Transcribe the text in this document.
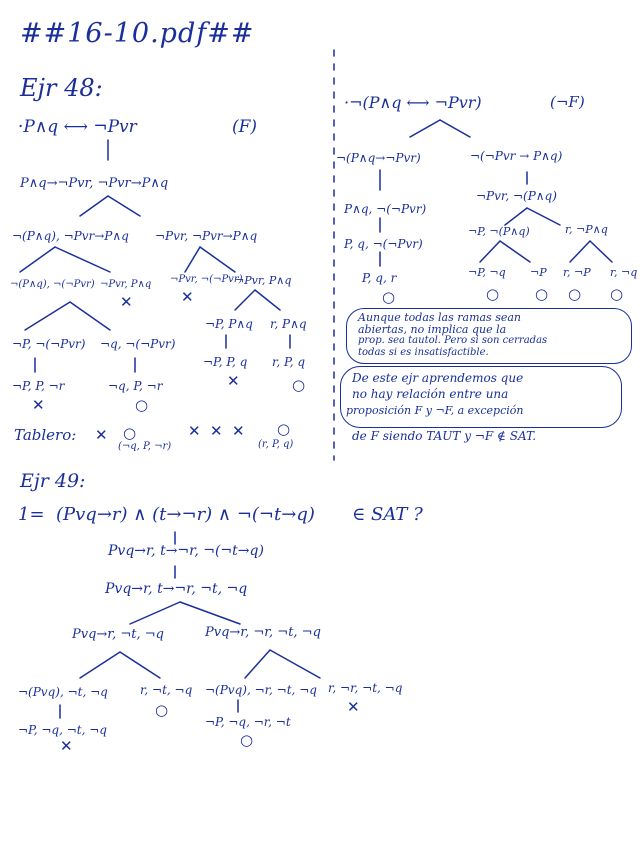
##16-10.pdf##
Ejr 48:
·P∧q ⟷ ¬Pvr	(F)
P∧q→¬Pvr, ¬Pvr→P∧q
¬(P∧q), ¬Pvr→P∧q ¬Pvr, ¬Pvr→P∧q
¬(P∧q), ¬(¬Pvr) ¬Pvr, P∧q ¬Pvr, ¬(¬Pvr)
¬Pvr, P∧q
✕	✕
¬P, ¬(¬Pvr) ¬q, ¬(¬Pvr)
¬P, P∧q r, P∧q
¬P, P, ¬r	¬q, P, ¬r
¬P, P, q r, P, q
✕	○
✕	○
Tablero: ✕ ○
(¬q, P, ¬r)
✕ ✕ ✕ ○
(r, P, q)
·¬(P∧q ⟷ ¬Pvr)	(¬F)
¬(P∧q→¬Pvr)
P∧q, ¬(¬Pvr)
P, q, ¬(¬Pvr)
P, q, r
○
¬(¬Pvr → P∧q)
¬Pvr, ¬(P∧q)
¬P, ¬(P∧q)	r, ¬P∧q
¬P, ¬q ¬P r, ¬P r, ¬q
○ ○ ○ ○
Aunque todas las ramas sean
abiertas, no implica que la
prop. sea tautol. Pero si son cerradas
todas si es insatisfactible.
De este ejr aprendemos que
no hay relación entre una
proposición F y ¬F, a excepción
de F siendo TAUT y ¬F ∉ SAT.
Ejr 49:
1= (Pvq→r) ∧ (t→¬r) ∧ ¬(¬t→q) ∈ SAT ?
Pvq→r, t→¬r, ¬(¬t→q)
Pvq→r, t→¬r, ¬t, ¬q
Pvq→r, ¬t, ¬q	Pvq→r, ¬r, ¬t, ¬q
¬(Pvq), ¬t, ¬q	r, ¬t, ¬q ¬(Pvq), ¬r, ¬t, ¬q r, ¬r, ¬t, ¬q
○	✕
¬P, ¬q, ¬t, ¬q
¬P, ¬q, ¬r, ¬t
✕	○
